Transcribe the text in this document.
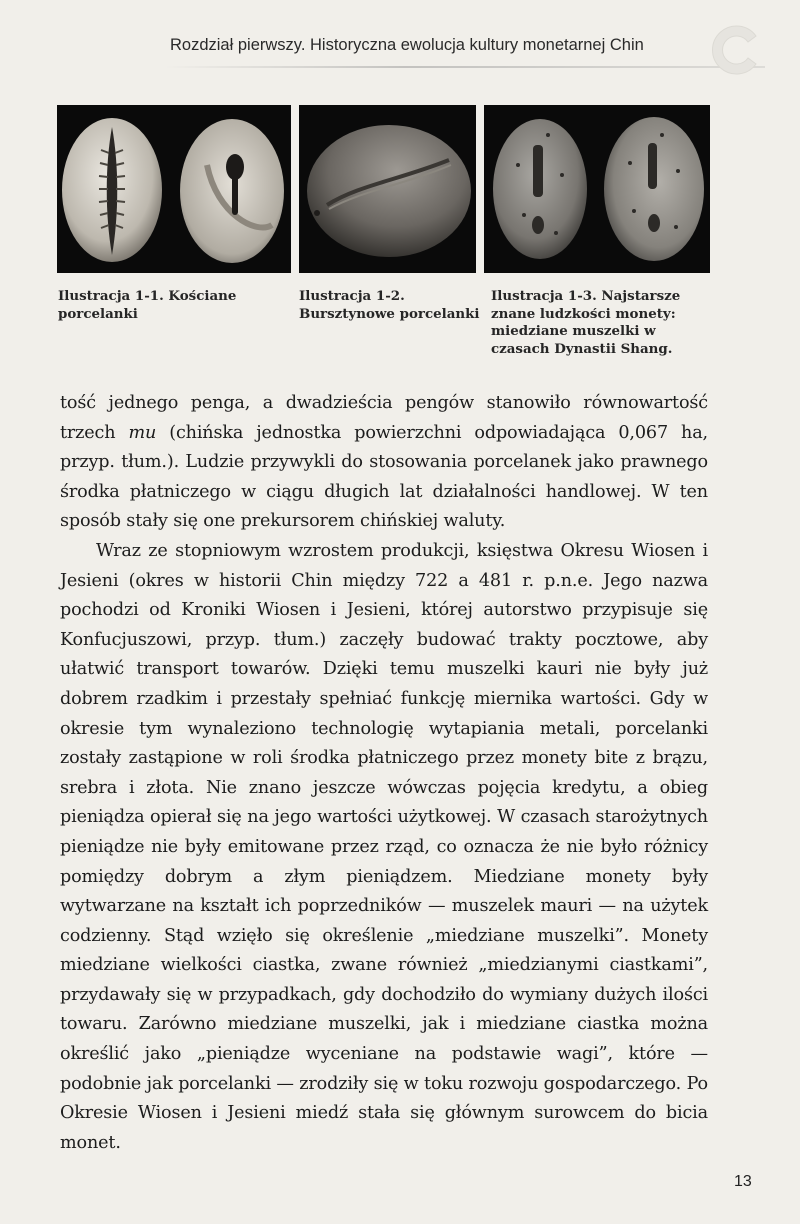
Rozdział pierwszy. Historyczna ewolucja kultury monetarnej Chin
Ilustracja 1-1. Kościane porcelanki
Ilustracja 1-2. Bursztynowe porcelanki
Ilustracja 1-3. Najstarsze znane ludzkości monety: miedziane muszelki w czasach Dynastii Shang.

tość jednego penga, a dwadzieścia pengów stanowiło równowartość trzech mu (chińska jednostka powierzchni odpowiadająca 0,067 ha, przyp. tłum.). Ludzie przywykli do stosowania porcelanek jako prawnego środka płatniczego w ciągu długich lat działalności handlowej. W ten sposób stały się one prekursorem chińskiej waluty.

Wraz ze stopniowym wzrostem produkcji, księstwa Okresu Wiosen i Jesieni (okres w historii Chin między 722 a 481 r. p.n.e. Jego nazwa pochodzi od Kroniki Wiosen i Jesieni, której autorstwo przypisuje się Konfucjuszowi, przyp. tłum.) zaczęły budować trakty pocztowe, aby ułatwić transport towarów. Dzięki temu muszelki kauri nie były już dobrem rzadkim i przestały spełniać funkcję miernika wartości. Gdy w okresie tym wynaleziono technologię wytapiania metali, porcelanki zostały zastąpione w roli środka płatniczego przez monety bite z brązu, srebra i złota. Nie znano jeszcze wówczas pojęcia kredytu, a obieg pieniądza opierał się na jego wartości użytkowej. W czasach starożytnych pieniądze nie były emitowane przez rząd, co oznacza że nie było różnicy pomiędzy dobrym a złym pieniądzem. Miedziane monety były wytwarzane na kształt ich poprzedników — muszelek mauri — na użytek codzienny. Stąd wzięło się określenie „miedziane muszelki”. Monety miedziane wielkości ciastka, zwane również „miedzianymi ciastkami”, przydawały się w przypadkach, gdy dochodziło do wymiany dużych ilości towaru. Zarówno miedziane muszelki, jak i miedziane ciastka można określić jako „pieniądze wyceniane na podstawie wagi”, które — podobnie jak porcelanki — zrodziły się w toku rozwoju gospodarczego. Po Okresie Wiosen i Jesieni miedź stała się głównym surowcem do bicia monet.

13
